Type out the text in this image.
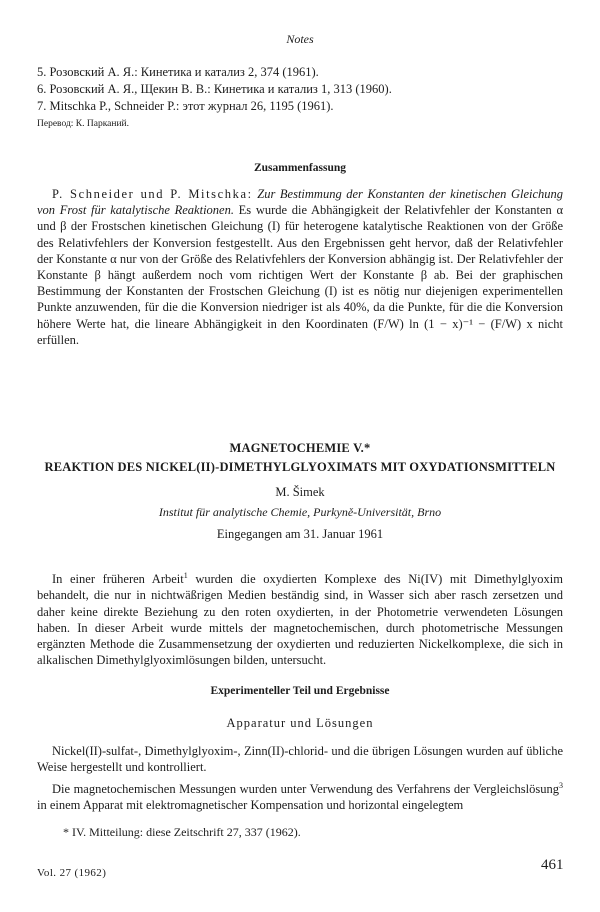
Notes
5. Розовский А. Я.: Кинетика и катализ 2, 374 (1961).
6. Розовский А. Я., Щекин В. В.: Кинетика и катализ 1, 313 (1960).
7. Mitschka P., Schneider P.: этот журнал 26, 1195 (1961).
Перевод: К. Парканий.
Zusammenfassung

P. Schneider und P. Mitschka: Zur Bestimmung der Konstanten der kinetischen Gleichung von Frost für katalytische Reaktionen. Es wurde die Abhängigkeit der Relativfehler der Konstanten α und β der Frostschen kinetischen Gleichung (I) für heterogene katalytische Reaktionen von der Größe des Relativfehlers der Konversion festgestellt. Aus den Ergebnissen geht hervor, daß der Relativfehler der Konstante α nur von der Größe des Relativfehlers der Konversion abhängig ist. Der Relativfehler der Konstante β hängt außerdem noch vom richtigen Wert der Konstante β ab. Bei der graphischen Bestimmung der Konstanten der Frostschen Gleichung (I) ist es nötig nur diejenigen experimentellen Punkte anzuwenden, für die die Konversion niedriger ist als 40%, da die Punkte, für die die Konversion höhere Werte hat, die lineare Abhängigkeit in den Koordinaten (F/W) ln (1 − x)⁻¹ − (F/W) x nicht erfüllen.

MAGNETOCHEMIE V.*
REAKTION DES NICKEL(II)-DIMETHYLGLYOXIMATS MIT OXYDATIONSMITTELN
M. Šimek
Institut für analytische Chemie, Purkyně-Universität, Brno
Eingegangen am 31. Januar 1961

In einer früheren Arbeit$^1$ wurden die oxydierten Komplexe des Ni(IV) mit Dimethylglyoxim behandelt, die nur in nichtwäßrigen Medien beständig sind, in Wasser sich aber rasch zersetzen und daher keine direkte Beziehung zu den roten oxydierten, in der Photometrie verwendeten Lösungen haben. In dieser Arbeit wurde mittels der magnetochemischen, durch photometrische Messungen ergänzten Methode die Zusammensetzung der oxydierten und reduzierten Nickelkomplexe, die sich in alkalischen Dimethylglyoximlösungen bilden, untersucht.

Experimenteller Teil und Ergebnisse
Apparatur und Lösungen

Nickel(II)-sulfat-, Dimethylglyoxim-, Zinn(II)-chlorid- und die übrigen Lösungen wurden auf übliche Weise hergestellt und kontrolliert.

Die magnetochemischen Messungen wurden unter Verwendung des Verfahrens der Vergleichslösung$^3$ in einem Apparat mit elektromagnetischer Kompensation und horizontal eingelegtem

* IV. Mitteilung: diese Zeitschrift 27, 337 (1962).
Vol. 27 (1962)	461
